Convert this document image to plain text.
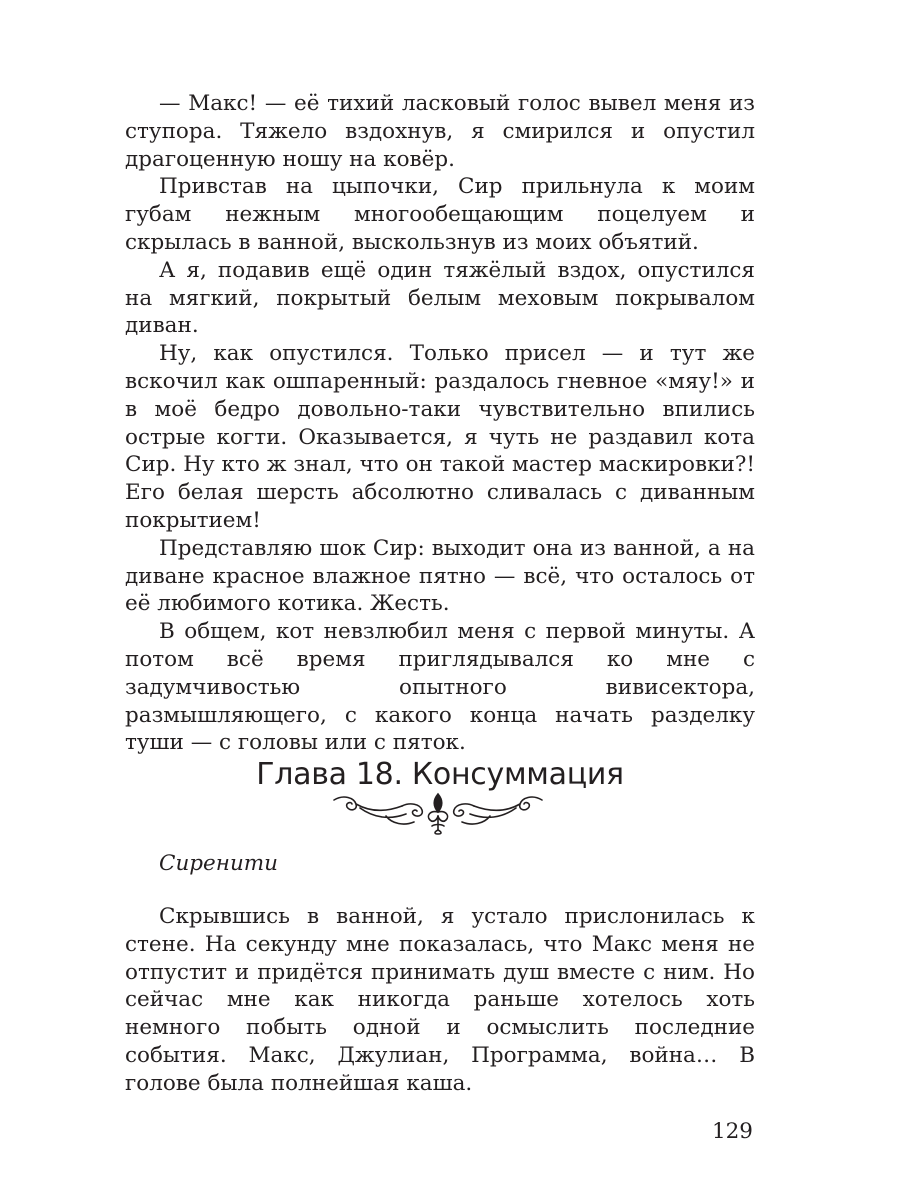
— Макс! — её тихий ласковый голос вывел меня из ступора. Тяжело вздохнув, я смирился и опустил драгоценную ношу на ковёр.

Привстав на цыпочки, Сир прильнула к моим губам нежным многообещающим поцелуем и скрылась в ванной, выскользнув из моих объятий.

А я, подавив ещё один тяжёлый вздох, опустился на мягкий, покрытый белым меховым покрывалом диван.

Ну, как опустился. Только присел — и тут же вскочил как ошпаренный: раздалось гневное «мяу!» и в моё бедро довольно-таки чувствительно впились острые когти. Оказывается, я чуть не раздавил кота Сир. Ну кто ж знал, что он такой мастер маскировки?! Его белая шерсть абсолютно сливалась с диванным покрытием!

Представляю шок Сир: выходит она из ванной, а на диване красное влажное пятно — всё, что осталось от её любимого котика. Жесть.

В общем, кот невзлюбил меня с первой минуты. А потом всё время приглядывался ко мне с задумчивостью опытного вивисектора, размышляющего, с какого конца начать разделку туши — с головы или с пяток.

Глава 18. Консуммация
Сиренити

Скрывшись в ванной, я устало прислонилась к стене. На секунду мне показалась, что Макс меня не отпустит и придётся принимать душ вместе с ним. Но сейчас мне как никогда раньше хотелось хоть немного побыть одной и осмыслить последние события. Макс, Джулиан, Программа, война… В голове была полнейшая каша.

129
